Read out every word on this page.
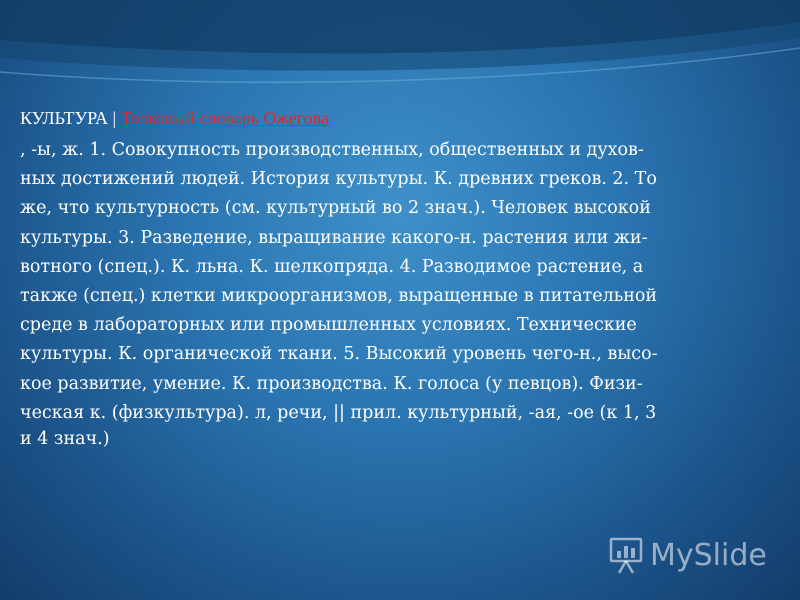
КУЛЬТУРА | Толковый словарь Ожегова
, -ы, ж. 1. Совокупность производственных, общественных и духов-
ных достижений людей. История культуры. К. древних греков. 2. То
же, что культурность (см. культурный во 2 знач.). Человек высокой
культуры. 3. Разведение, выращивание какого-н. растения или жи-
вотного (спец.). К. льна. К. шелкопряда. 4. Разводимое растение, а
также (спец.) клетки микроорганизмов, выращенные в питательной
среде в лабораторных или промышленных условиях. Технические
культуры. К. органической ткани. 5. Высокий уровень чего-н., высо-
кое развитие, умение. К. производства. К. голоса (у певцов). Физи-
ческая к. (физкультура). л, речи, || прил. культурный, -ая, -ое (к 1, 3
и 4 знач.)
MySlide
